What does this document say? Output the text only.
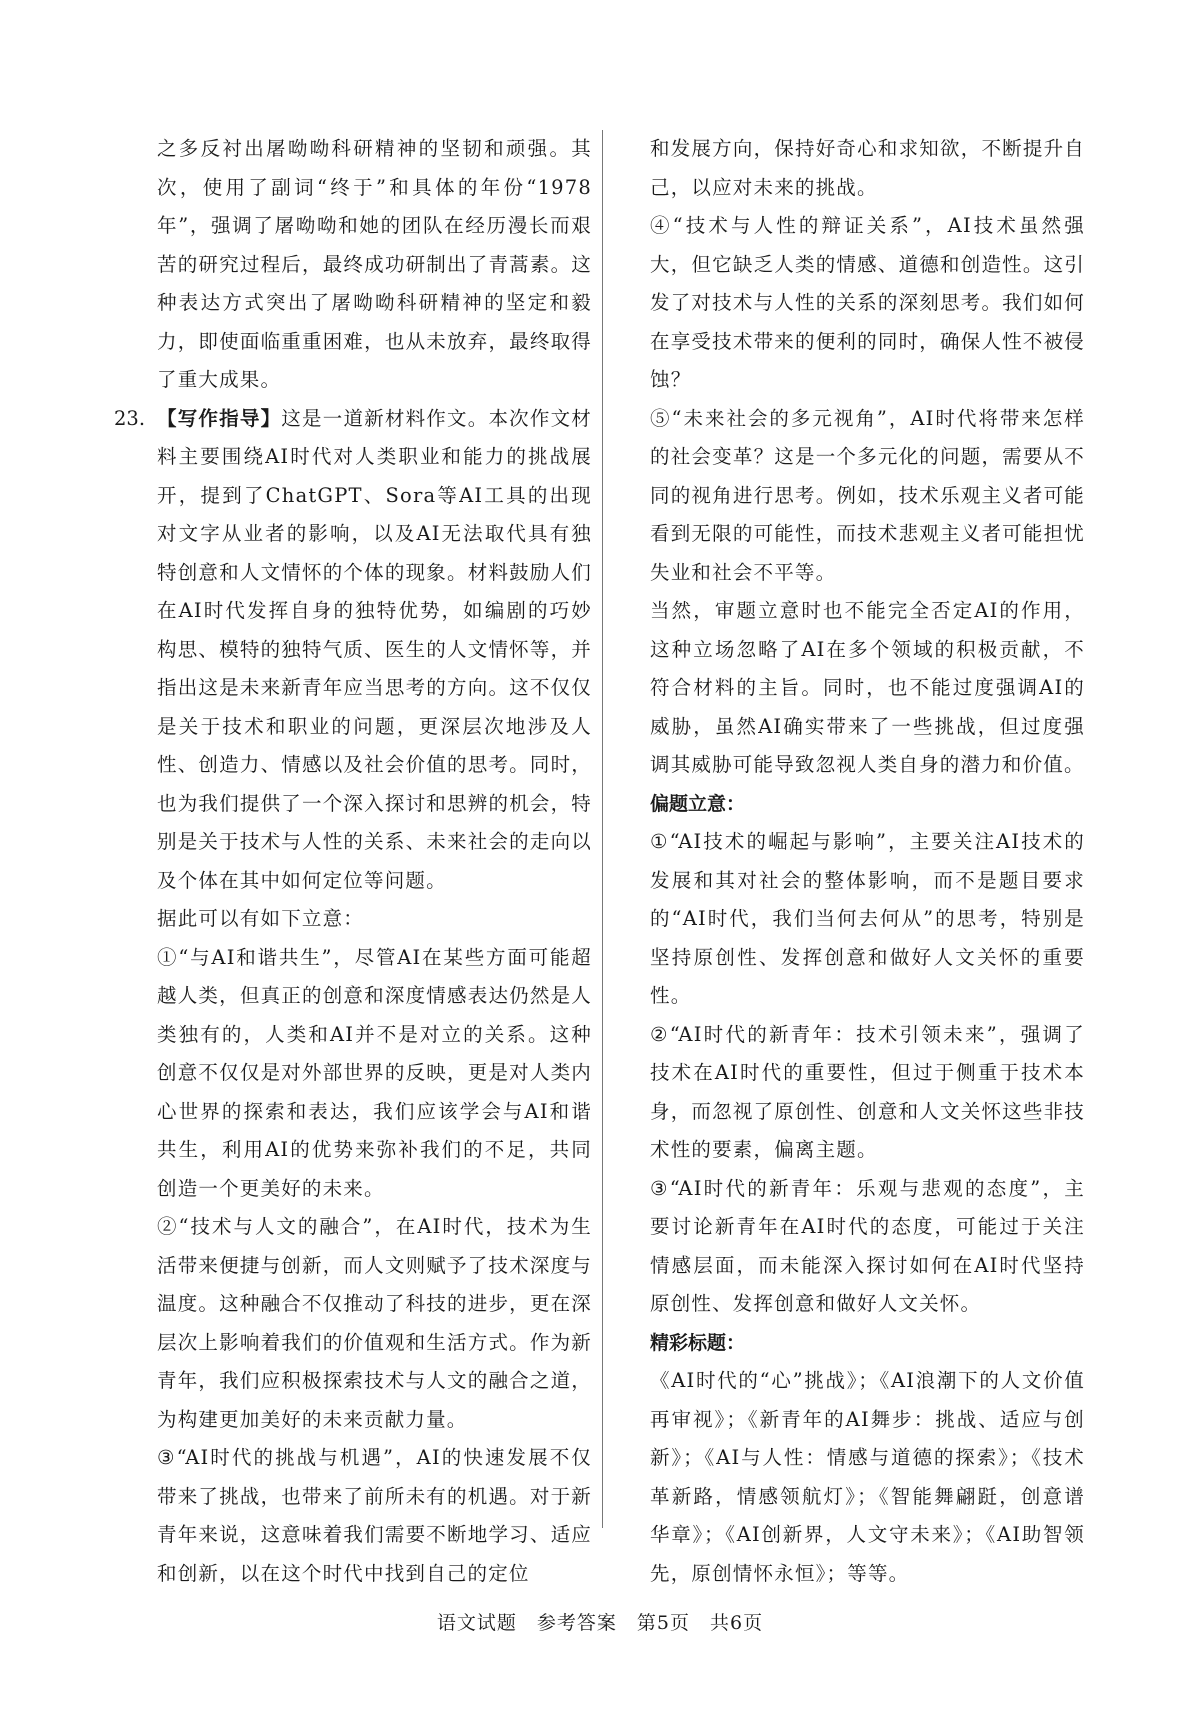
之多反衬出屠呦呦科研精神的坚韧和顽强。其次，使用了副词“终于”和具体的年份“1978年”，强调了屠呦呦和她的团队在经历漫长而艰苦的研究过程后，最终成功研制出了青蒿素。这种表达方式突出了屠呦呦科研精神的坚定和毅力，即使面临重重困难，也从未放弃，最终取得了重大成果。

23. 【写作指导】这是一道新材料作文。本次作文材料主要围绕AI时代对人类职业和能力的挑战展开，提到了ChatGPT、Sora等AI工具的出现对文字从业者的影响，以及AI无法取代具有独特创意和人文情怀的个体的现象。材料鼓励人们在AI时代发挥自身的独特优势，如编剧的巧妙构思、模特的独特气质、医生的人文情怀等，并指出这是未来新青年应当思考的方向。这不仅仅是关于技术和职业的问题，更深层次地涉及人性、创造力、情感以及社会价值的思考。同时，也为我们提供了一个深入探讨和思辨的机会，特别是关于技术与人性的关系、未来社会的走向以及个体在其中如何定位等问题。

据此可以有如下立意：

①“与AI和谐共生”，尽管AI在某些方面可能超越人类，但真正的创意和深度情感表达仍然是人类独有的，人类和AI并不是对立的关系。这种创意不仅仅是对外部世界的反映，更是对人类内心世界的探索和表达，我们应该学会与AI和谐共生，利用AI的优势来弥补我们的不足，共同创造一个更美好的未来。

②“技术与人文的融合”，在AI时代，技术为生活带来便捷与创新，而人文则赋予了技术深度与温度。这种融合不仅推动了科技的进步，更在深层次上影响着我们的价值观和生活方式。作为新青年，我们应积极探索技术与人文的融合之道，为构建更加美好的未来贡献力量。

③“AI时代的挑战与机遇”，AI的快速发展不仅带来了挑战，也带来了前所未有的机遇。对于新青年来说，这意味着我们需要不断地学习、适应和创新，以在这个时代中找到自己的定位

和发展方向，保持好奇心和求知欲，不断提升自己，以应对未来的挑战。

④“技术与人性的辩证关系”，AI技术虽然强大，但它缺乏人类的情感、道德和创造性。这引发了对技术与人性的关系的深刻思考。我们如何在享受技术带来的便利的同时，确保人性不被侵蚀？

⑤“未来社会的多元视角”，AI时代将带来怎样的社会变革？这是一个多元化的问题，需要从不同的视角进行思考。例如，技术乐观主义者可能看到无限的可能性，而技术悲观主义者可能担忧失业和社会不平等。

当然，审题立意时也不能完全否定AI的作用，这种立场忽略了AI在多个领域的积极贡献，不符合材料的主旨。同时，也不能过度强调AI的威胁，虽然AI确实带来了一些挑战，但过度强调其威胁可能导致忽视人类自身的潜力和价值。

偏题立意：

①“AI技术的崛起与影响”，主要关注AI技术的发展和其对社会的整体影响，而不是题目要求的“AI时代，我们当何去何从”的思考，特别是坚持原创性、发挥创意和做好人文关怀的重要性。

②“AI时代的新青年：技术引领未来”，强调了技术在AI时代的重要性，但过于侧重于技术本身，而忽视了原创性、创意和人文关怀这些非技术性的要素，偏离主题。

③“AI时代的新青年：乐观与悲观的态度”，主要讨论新青年在AI时代的态度，可能过于关注情感层面，而未能深入探讨如何在AI时代坚持原创性、发挥创意和做好人文关怀。

精彩标题：

《AI时代的“心”挑战》；《AI浪潮下的人文价值再审视》；《新青年的AI舞步：挑战、适应与创新》；《AI与人性：情感与道德的探索》；《技术革新路，情感领航灯》；《智能舞翩跹，创意谱华章》；《AI创新界，人文守未来》；《AI助智领先，原创情怀永恒》；等等。

语文试题　参考答案　第5页　共6页
